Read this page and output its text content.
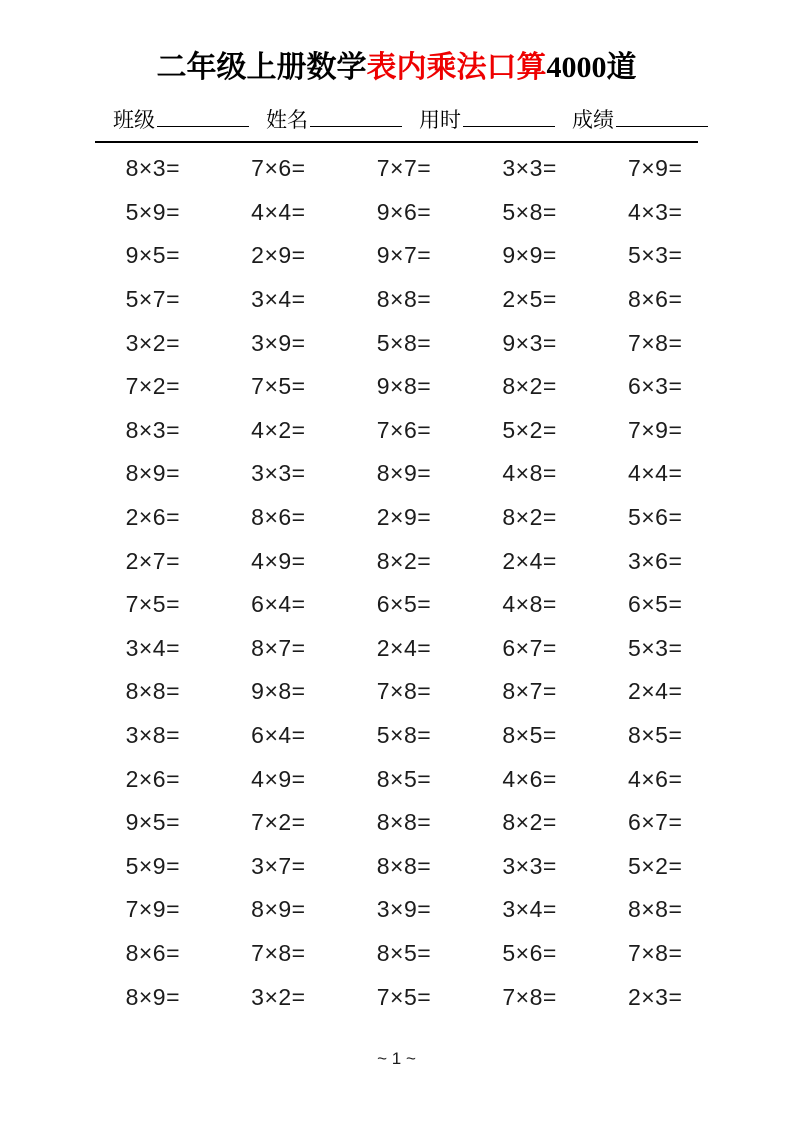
二年级上册数学表内乘法口算4000道
班级	姓名	用时	成绩
8×3=	7×6=	7×7=	3×3=	7×9=
5×9=	4×4=	9×6=	5×8=	4×3=
9×5=	2×9=	9×7=	9×9=	5×3=
5×7=	3×4=	8×8=	2×5=	8×6=
3×2=	3×9=	5×8=	9×3=	7×8=
7×2=	7×5=	9×8=	8×2=	6×3=
8×3=	4×2=	7×6=	5×2=	7×9=
8×9=	3×3=	8×9=	4×8=	4×4=
2×6=	8×6=	2×9=	8×2=	5×6=
2×7=	4×9=	8×2=	2×4=	3×6=
7×5=	6×4=	6×5=	4×8=	6×5=
3×4=	8×7=	2×4=	6×7=	5×3=
8×8=	9×8=	7×8=	8×7=	2×4=
3×8=	6×4=	5×8=	8×5=	8×5=
2×6=	4×9=	8×5=	4×6=	4×6=
9×5=	7×2=	8×8=	8×2=	6×7=
5×9=	3×7=	8×8=	3×3=	5×2=
7×9=	8×9=	3×9=	3×4=	8×8=
8×6=	7×8=	8×5=	5×6=	7×8=
8×9=	3×2=	7×5=	7×8=	2×3=
~ 1 ~
